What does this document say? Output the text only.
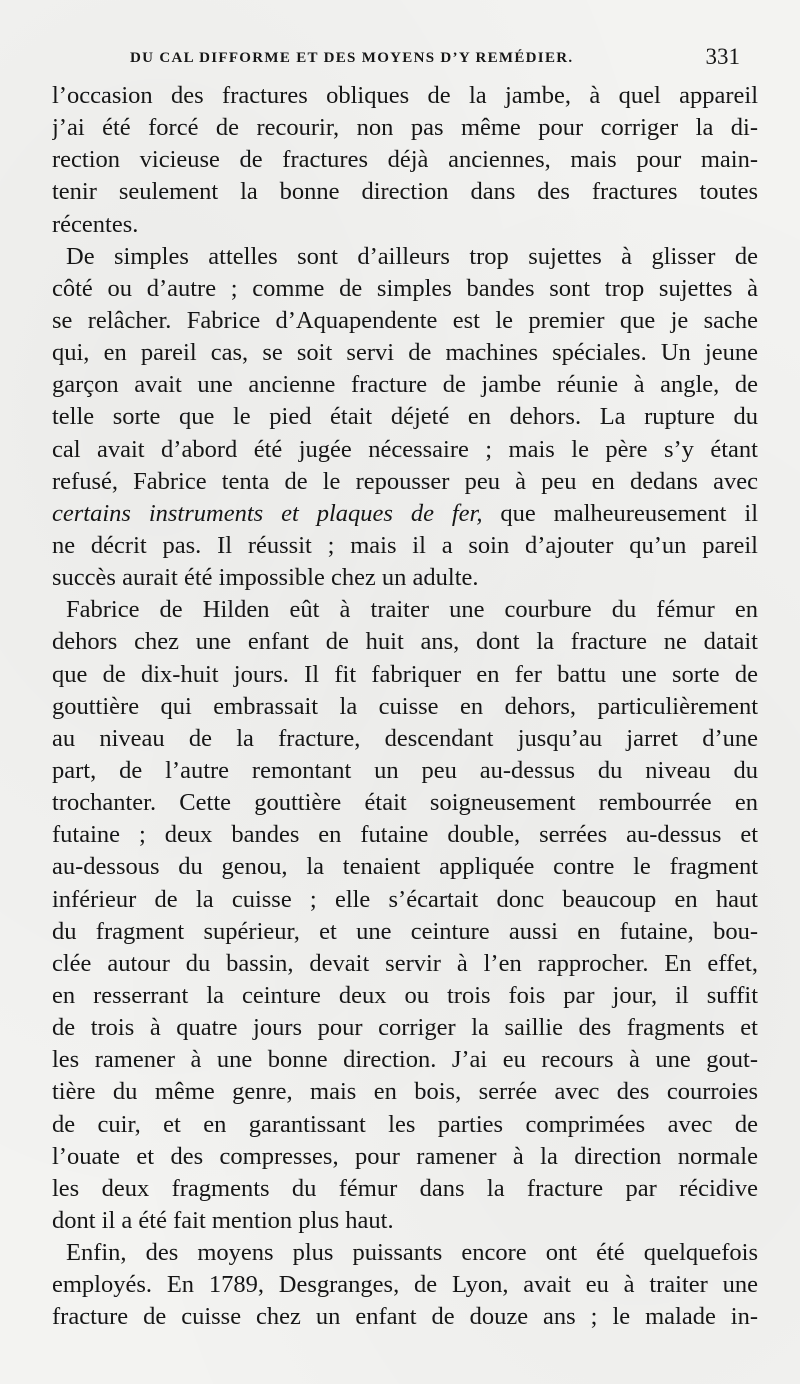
DU CAL DIFFORME ET DES MOYENS D’Y REMÉDIER.	331
l’occasion des fractures obliques de la jambe, à quel appareil
j’ai été forcé de recourir, non pas même pour corriger la di-
rection vicieuse de fractures déjà anciennes, mais pour main-
tenir seulement la bonne direction dans des fractures toutes
récentes.
De simples attelles sont d’ailleurs trop sujettes à glisser de
côté ou d’autre ; comme de simples bandes sont trop sujettes à
se relâcher. Fabrice d’Aquapendente est le premier que je sache
qui, en pareil cas, se soit servi de machines spéciales. Un jeune
garçon avait une ancienne fracture de jambe réunie à angle, de
telle sorte que le pied était déjeté en dehors. La rupture du
cal avait d’abord été jugée nécessaire ; mais le père s’y étant
refusé, Fabrice tenta de le repousser peu à peu en dedans avec
certains instruments et plaques de fer, que malheureusement il
ne décrit pas. Il réussit ; mais il a soin d’ajouter qu’un pareil
succès aurait été impossible chez un adulte.
Fabrice de Hilden eût à traiter une courbure du fémur en
dehors chez une enfant de huit ans, dont la fracture ne datait
que de dix-huit jours. Il fit fabriquer en fer battu une sorte de
gouttière qui embrassait la cuisse en dehors, particulièrement
au niveau de la fracture, descendant jusqu’au jarret d’une
part, de l’autre remontant un peu au-dessus du niveau du
trochanter. Cette gouttière était soigneusement rembourrée en
futaine ; deux bandes en futaine double, serrées au-dessus et
au-dessous du genou, la tenaient appliquée contre le fragment
inférieur de la cuisse ; elle s’écartait donc beaucoup en haut
du fragment supérieur, et une ceinture aussi en futaine, bou-
clée autour du bassin, devait servir à l’en rapprocher. En effet,
en resserrant la ceinture deux ou trois fois par jour, il suffit
de trois à quatre jours pour corriger la saillie des fragments et
les ramener à une bonne direction. J’ai eu recours à une gout-
tière du même genre, mais en bois, serrée avec des courroies
de cuir, et en garantissant les parties comprimées avec de
l’ouate et des compresses, pour ramener à la direction normale
les deux fragments du fémur dans la fracture par récidive
dont il a été fait mention plus haut.
Enfin, des moyens plus puissants encore ont été quelquefois
employés. En 1789, Desgranges, de Lyon, avait eu à traiter une
fracture de cuisse chez un enfant de douze ans ; le malade in-
